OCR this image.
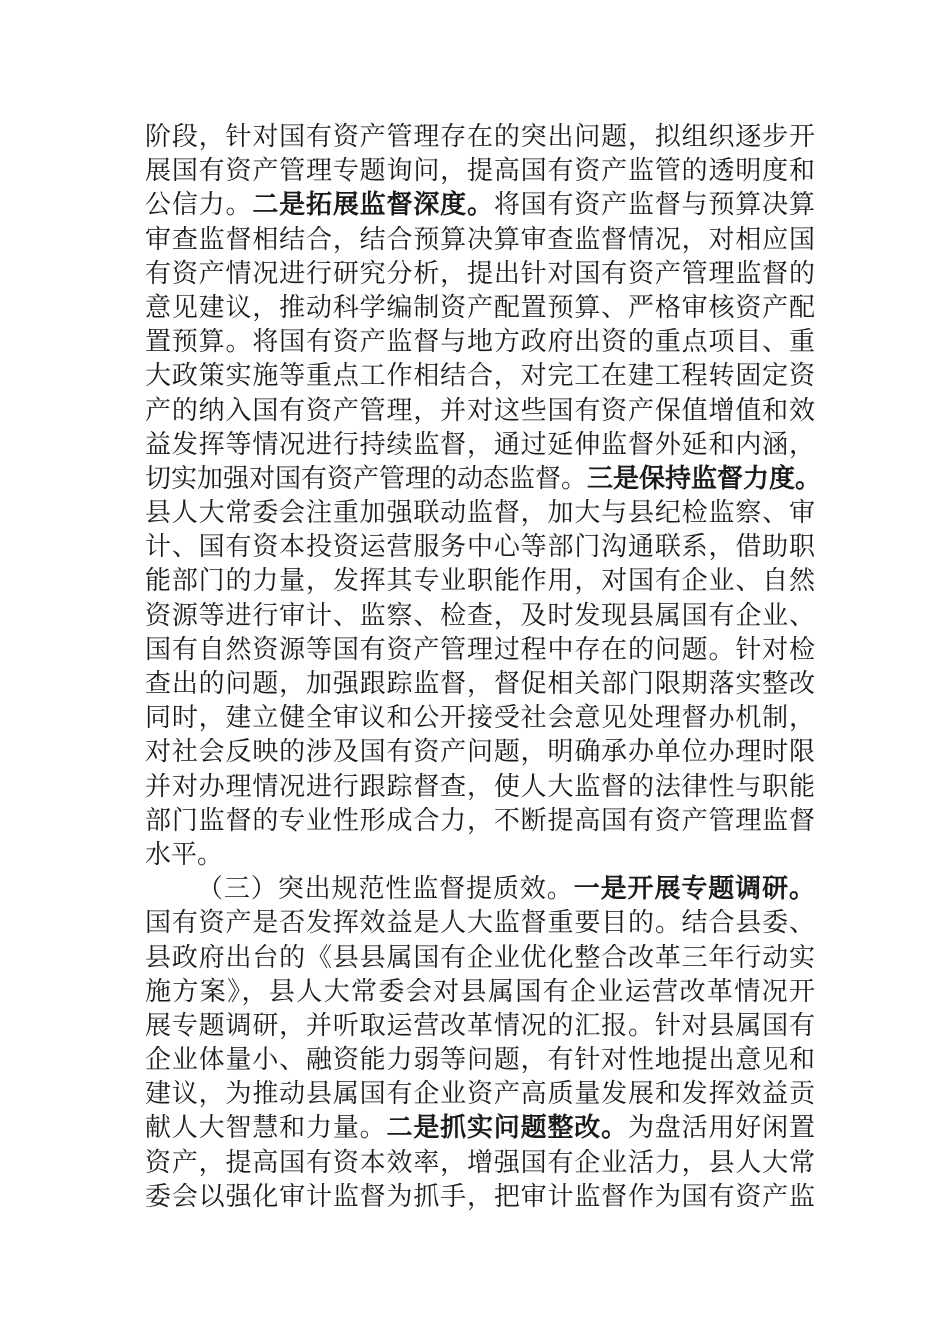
阶段，针对国有资产管理存在的突出问题，拟组织逐步开
展国有资产管理专题询问，提高国有资产监管的透明度和
公信力。二是拓展监督深度。将国有资产监督与预算决算
审查监督相结合，结合预算决算审查监督情况，对相应国
有资产情况进行研究分析，提出针对国有资产管理监督的
意见建议，推动科学编制资产配置预算、严格审核资产配
置预算。将国有资产监督与地方政府出资的重点项目、重
大政策实施等重点工作相结合，对完工在建工程转固定资
产的纳入国有资产管理，并对这些国有资产保值增值和效
益发挥等情况进行持续监督，通过延伸监督外延和内涵，
切实加强对国有资产管理的动态监督。三是保持监督力度。
县人大常委会注重加强联动监督，加大与县纪检监察、审
计、国有资本投资运营服务中心等部门沟通联系，借助职
能部门的力量，发挥其专业职能作用，对国有企业、自然
资源等进行审计、监察、检查，及时发现县属国有企业、
国有自然资源等国有资产管理过程中存在的问题。针对检
查出的问题，加强跟踪监督，督促相关部门限期落实整改
同时，建立健全审议和公开接受社会意见处理督办机制，
对社会反映的涉及国有资产问题，明确承办单位办理时限
并对办理情况进行跟踪督查，使人大监督的法律性与职能
部门监督的专业性形成合力，不断提高国有资产管理监督
水平。
（三）突出规范性监督提质效。一是开展专题调研。
国有资产是否发挥效益是人大监督重要目的。结合县委、
县政府出台的《县县属国有企业优化整合改革三年行动实
施方案》，县人大常委会对县属国有企业运营改革情况开
展专题调研，并听取运营改革情况的汇报。针对县属国有
企业体量小、融资能力弱等问题，有针对性地提出意见和
建议，为推动县属国有企业资产高质量发展和发挥效益贡
献人大智慧和力量。二是抓实问题整改。为盘活用好闲置
资产，提高国有资本效率，增强国有企业活力，县人大常
委会以强化审计监督为抓手，把审计监督作为国有资产监
